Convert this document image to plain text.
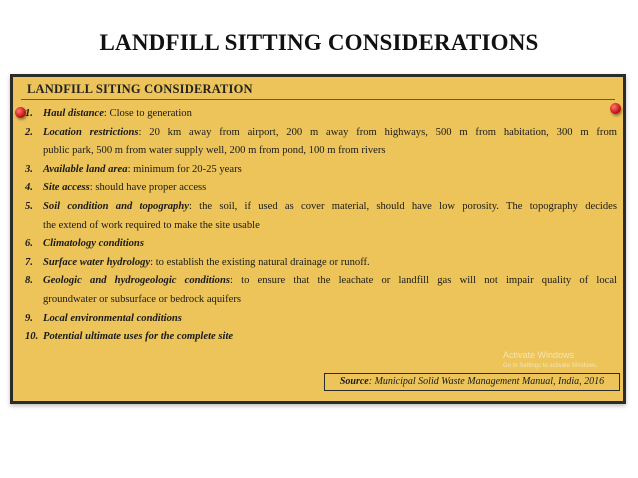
LANDFILL SITTING CONSIDERATIONS
LANDFILL SITING CONSIDERATION
1. Haul distance: Close to generation
2. Location restrictions: 20 km away from airport, 200 m away from highways, 500 m from habitation, 300 m from
public park, 500 m from water supply well, 200 m from pond, 100 m from rivers
3. Available land area: minimum for 20-25 years
4. Site access: should have proper access
5. Soil condition and topography: the soil, if used as cover material, should have low porosity. The topography decides
the extend of work required to make the site usable
6. Climatology conditions
7. Surface water hydrology: to establish the existing natural drainage or runoff.
8. Geologic and hydrogeologic conditions: to ensure that the leachate or landfill gas will not impair quality of local
groundwater or subsurface or bedrock aquifers
9. Local environmental conditions
10. Potential ultimate uses for the complete site
Activate Windows
Go to Settings to activate Windows.
Source: Municipal Solid Waste Management Manual, India, 2016
